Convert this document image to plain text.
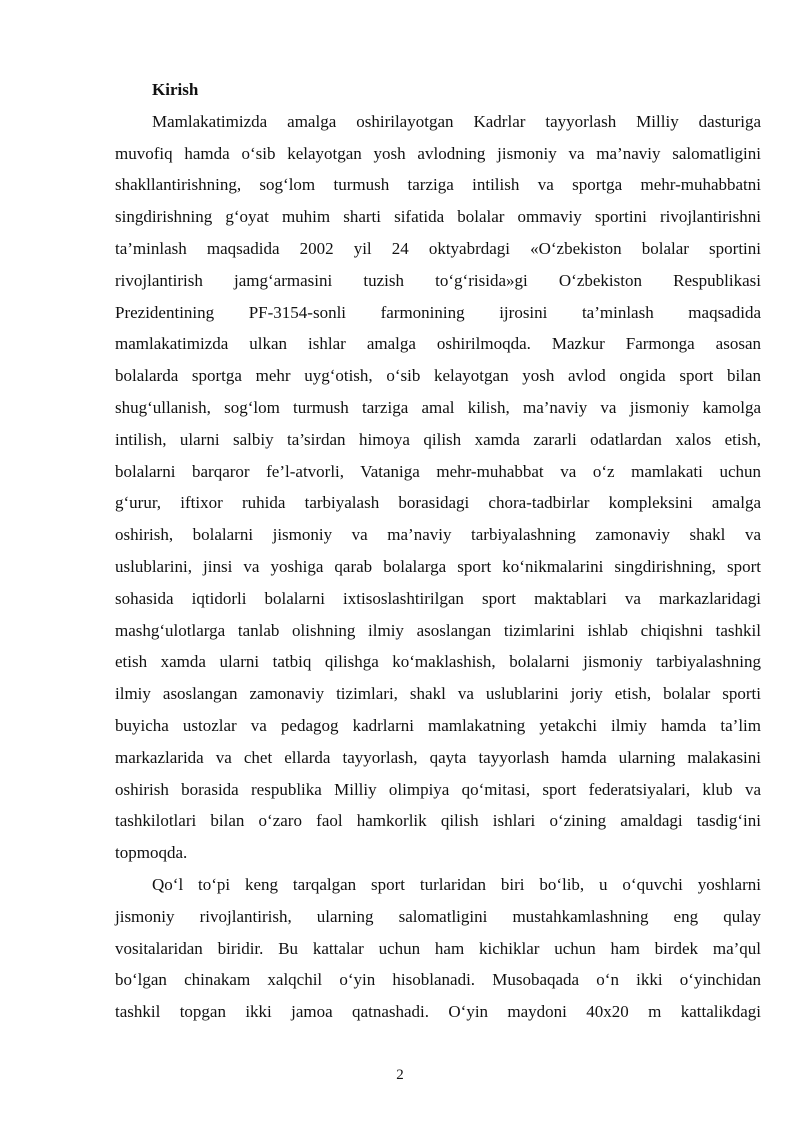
Kirish

Mamlakatimizda amalga oshirilayotgan Kadrlar tayyorlash Milliy dasturiga
muvofiq hamda o‘sib kelayotgan yosh avlodning jismoniy va ma’naviy salomatligini
shakllantirishning, sog‘lom turmush tarziga intilish va sportga mehr-muhabbatni
singdirishning g‘oyat muhim sharti sifatida bolalar ommaviy sportini rivojlantirishni
ta’minlash maqsadida 2002 yil 24 oktyabrdagi «O‘zbekiston bolalar sportini
rivojlantirish jamg‘armasini tuzish to‘g‘risida»gi O‘zbekiston Respublikasi
Prezidentining PF-3154-sonli farmonining ijrosini ta’minlash maqsadida
mamlakatimizda ulkan ishlar amalga oshirilmoqda. Mazkur Farmonga asosan
bolalarda sportga mehr uyg‘otish, o‘sib kelayotgan yosh avlod ongida sport bilan
shug‘ullanish, sog‘lom turmush tarziga amal kilish, ma’naviy va jismoniy kamolga
intilish, ularni salbiy ta’sirdan himoya qilish xamda zararli odatlardan xalos etish,
bolalarni barqaror fe’l-atvorli, Vataniga mehr-muhabbat va o‘z mamlakati uchun
g‘urur, iftixor ruhida tarbiyalash borasidagi chora-tadbirlar kompleksini amalga
oshirish, bolalarni jismoniy va ma’naviy tarbiyalashning zamonaviy shakl va
uslublarini, jinsi va yoshiga qarab bolalarga sport ko‘nikmalarini singdirishning, sport
sohasida iqtidorli bolalarni ixtisoslashtirilgan sport maktablari va markazlaridagi
mashg‘ulotlarga tanlab olishning ilmiy asoslangan tizimlarini ishlab chiqishni tashkil
etish xamda ularni tatbiq qilishga ko‘maklashish, bolalarni jismoniy tarbiyalashning
ilmiy asoslangan zamonaviy tizimlari, shakl va uslublarini joriy etish, bolalar sporti
buyicha ustozlar va pedagog kadrlarni mamlakatning yetakchi ilmiy hamda ta’lim
markazlarida va chet ellarda tayyorlash, qayta tayyorlash hamda ularning malakasini
oshirish borasida respublika Milliy olimpiya qo‘mitasi, sport federatsiyalari, klub va
tashkilotlari bilan o‘zaro faol hamkorlik qilish ishlari o‘zining amaldagi tasdig‘ini
topmoqda.

Qo‘l to‘pi keng tarqalgan sport turlaridan biri bo‘lib, u o‘quvchi yoshlarni
jismoniy rivojlantirish, ularning salomatligini mustahkamlashning eng qulay
vositalaridan biridir. Bu kattalar uchun ham kichiklar uchun ham birdek ma’qul
bo‘lgan chinakam xalqchil o‘yin hisoblanadi. Musobaqada o‘n ikki o‘yinchidan
tashkil topgan ikki jamoa qatnashadi. O‘yin maydoni 40x20 m kattalikdagi

2
